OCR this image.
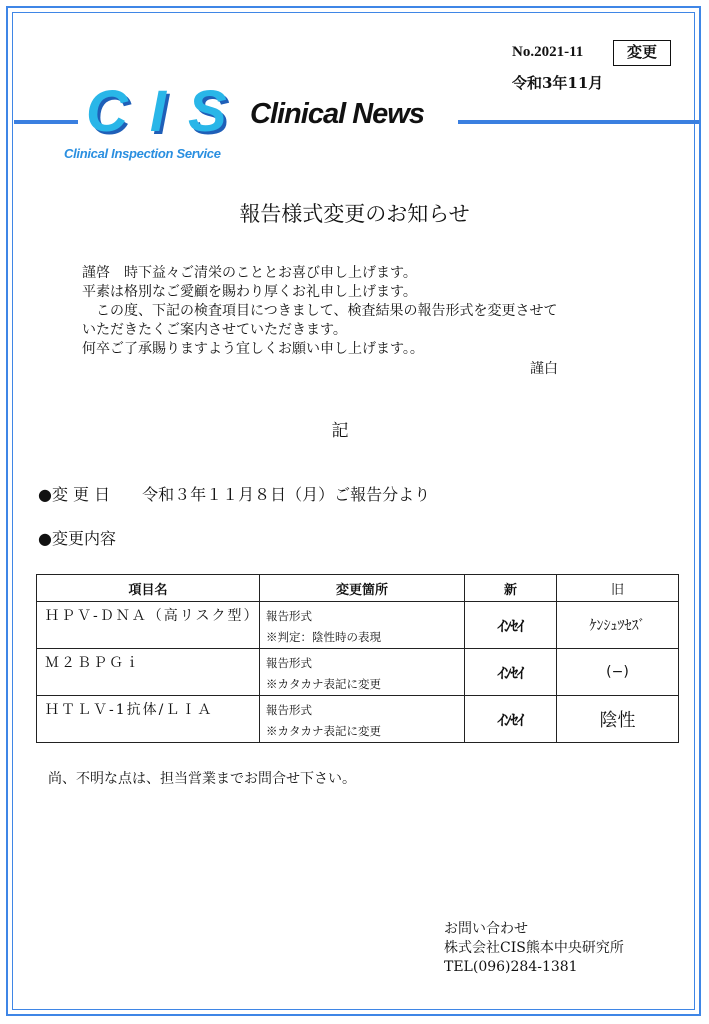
No.2021-11	変更
令和3年11月
CIS
Clinical Inspection Service
Clinical News
報告様式変更のお知らせ
謹啓　時下益々ご清栄のこととお喜び申し上げます。
平素は格別なご愛顧を賜わり厚くお礼申し上げます。
　この度、下記の検査項目につきまして、検査結果の報告形式を変更させて
いただきたくご案内させていただきます。
何卒ご了承賜りますよう宜しくお願い申し上げます。。
謹白
記
●変 更 日　　令和３年１１月８日（月）ご報告分より
●変更内容
項目名	変更箇所	新	旧

ＨＰＶ-ＤＮＡ（高リスク型）	報告形式
※判定：陰性時の表現	ｲﾝｾｲ	ｹﾝｼｭﾂｾｽﾞ

Ｍ２ＢＰＧｉ	報告形式
※カタカナ表記に変更	ｲﾝｾｲ	(−)

ＨＴＬＶ-1抗体/ＬＩＡ	報告形式
※カタカナ表記に変更	ｲﾝｾｲ	陰性
尚、不明な点は、担当営業までお問合せ下さい。
お問い合わせ
株式会社CIS熊本中央研究所
TEL(096)284-1381
